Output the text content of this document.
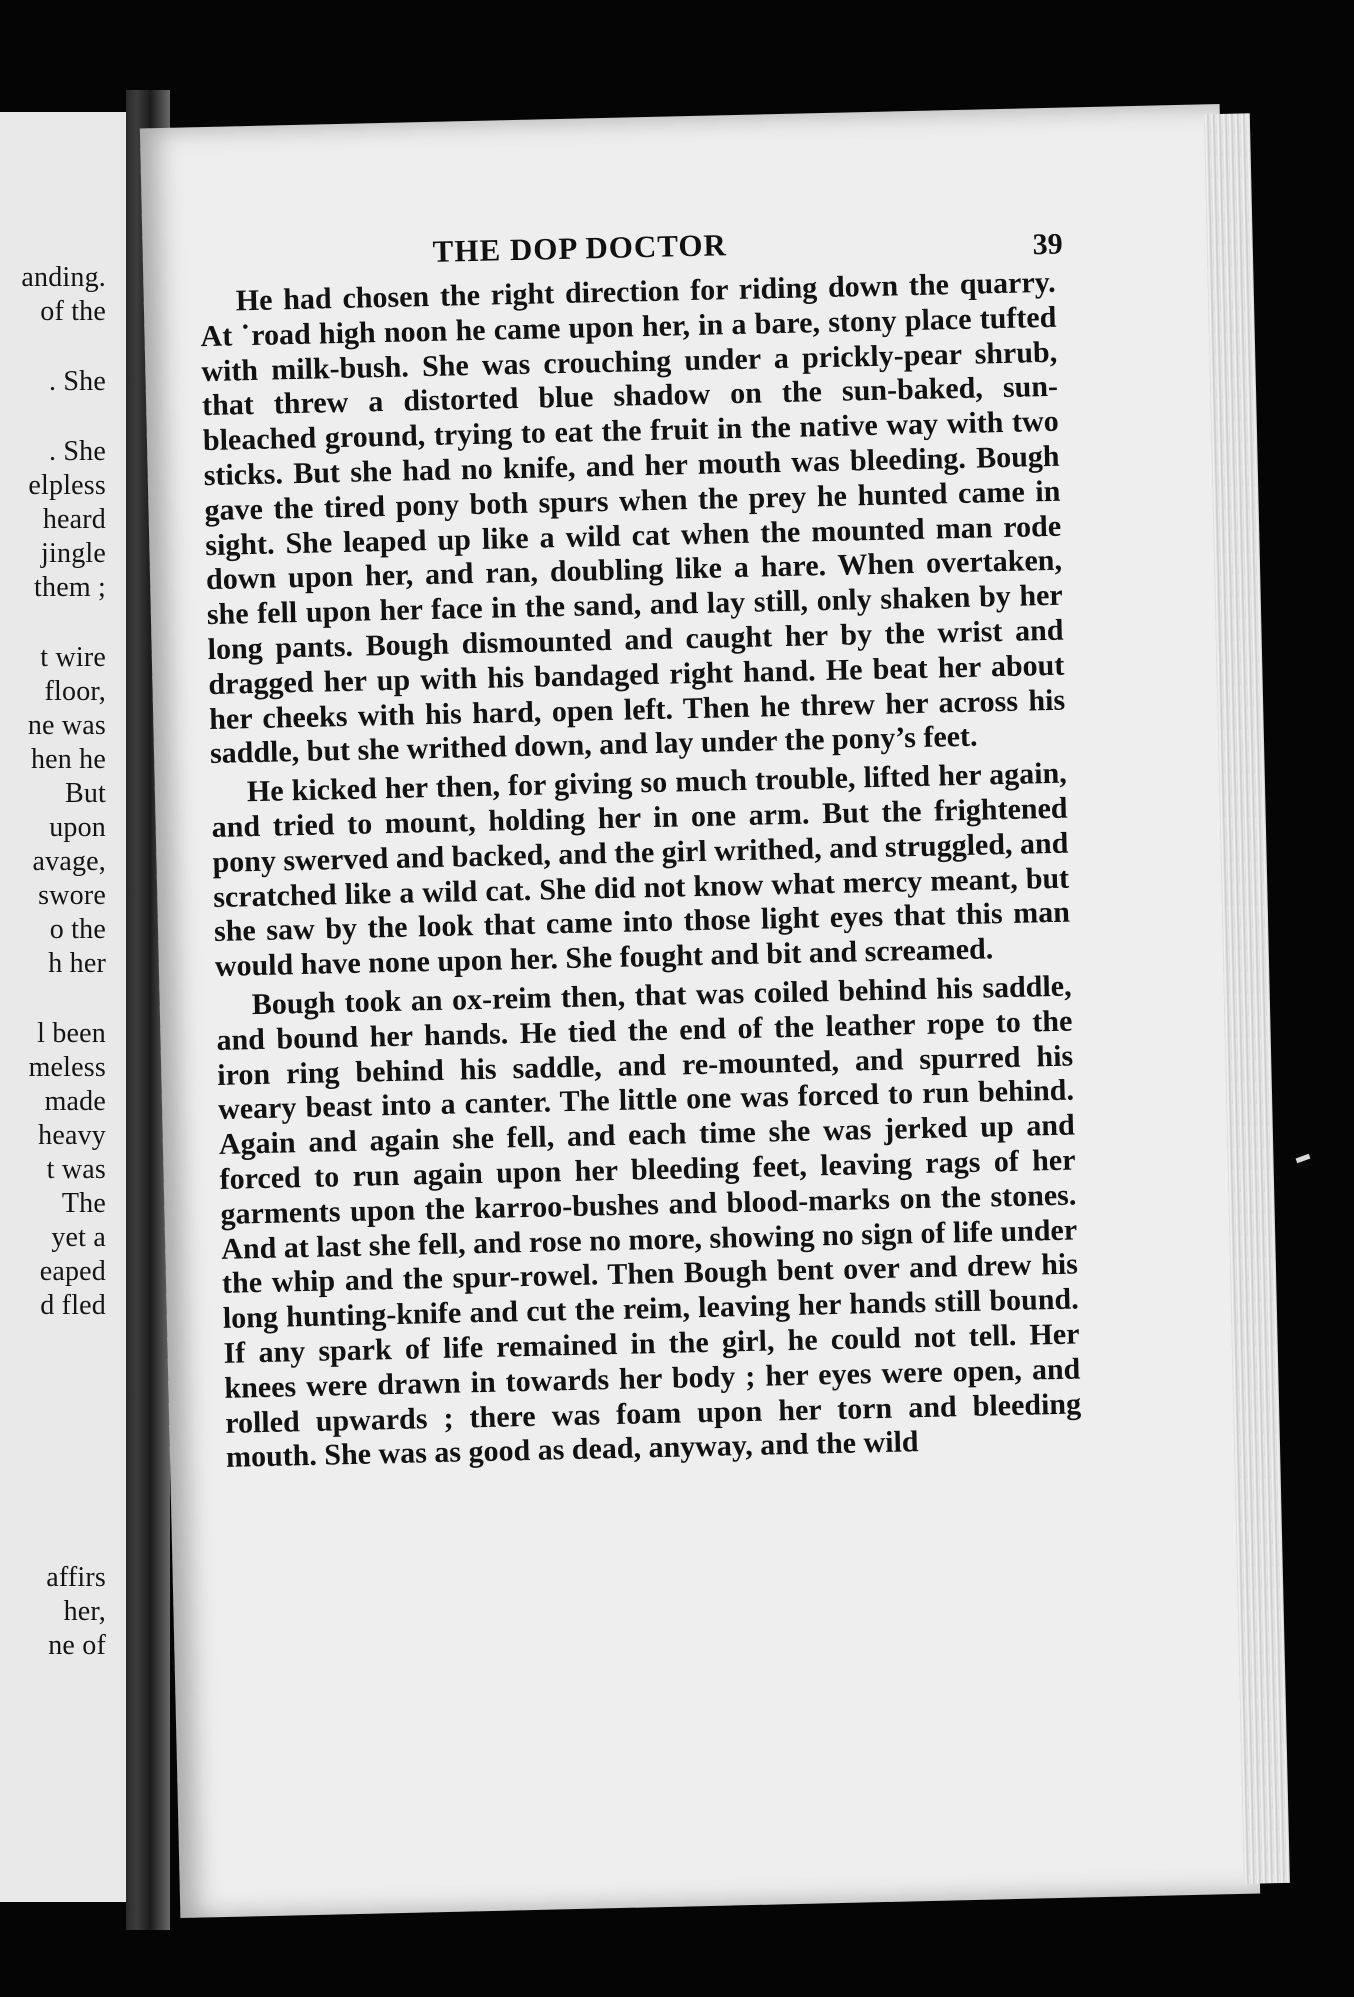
anding.
of the
. She
. She
elpless
heard
jingle
them ;
t wire
floor,
ne was
hen he
But
upon
avage,
swore
o the
h her
l been
meless
made
heavy
t was
The
yet a
eaped
d fled
affirs
her,
ne of
THE DOP DOCTOR	39

He had chosen the right direction for riding down the quarry. At ˙road high noon he came upon her, in a bare, stony place tufted with milk-bush. She was crouching under a prickly-pear shrub, that threw a distorted blue shadow on the sun-baked, sun-bleached ground, trying to eat the fruit in the native way with two sticks. But she had no knife, and her mouth was bleeding. Bough gave the tired pony both spurs when the prey he hunted came in sight. She leaped up like a wild cat when the mounted man rode down upon her, and ran, doubling like a hare. When overtaken, she fell upon her face in the sand, and lay still, only shaken by her long pants. Bough dismounted and caught her by the wrist and dragged her up with his bandaged right hand. He beat her about her cheeks with his hard, open left. Then he threw her across his saddle, but she writhed down, and lay under the pony’s feet.

He kicked her then, for giving so much trouble, lifted her again, and tried to mount, holding her in one arm. But the frightened pony swerved and backed, and the girl writhed, and struggled, and scratched like a wild cat. She did not know what mercy meant, but she saw by the look that came into those light eyes that this man would have none upon her. She fought and bit and screamed.

Bough took an ox-reim then, that was coiled behind his saddle, and bound her hands. He tied the end of the leather rope to the iron ring behind his saddle, and re-mounted, and spurred his weary beast into a canter. The little one was forced to run behind. Again and again she fell, and each time she was jerked up and forced to run again upon her bleeding feet, leaving rags of her garments upon the karroo-bushes and blood-marks on the stones. And at last she fell, and rose no more, showing no sign of life under the whip and the spur-rowel. Then Bough bent over and drew his long hunting-knife and cut the reim, leaving her hands still bound. If any spark of life remained in the girl, he could not tell. Her knees were drawn in towards her body ; her eyes were open, and rolled upwards ; there was foam upon her torn and bleeding mouth. She was as good as dead, anyway, and the wild
